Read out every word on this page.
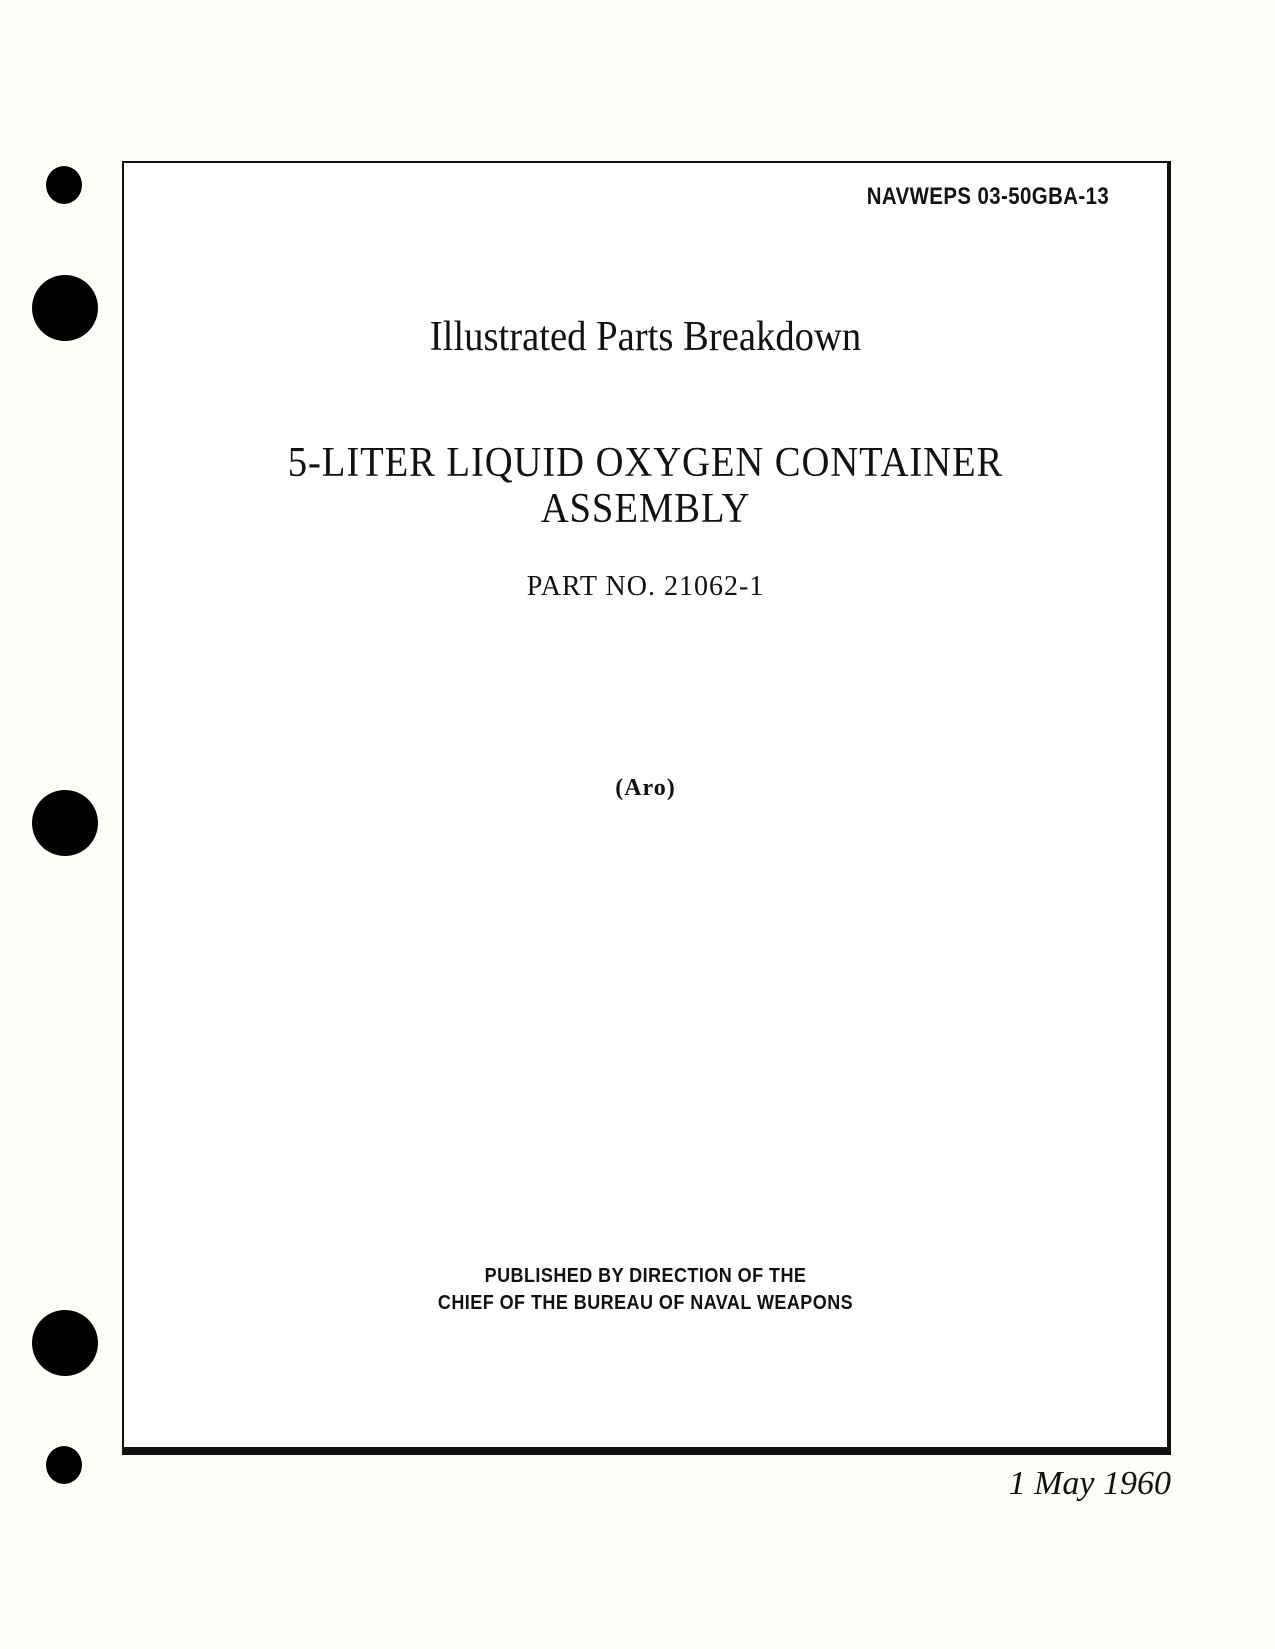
NAVWEPS 03-50GBA-13
Illustrated Parts Breakdown
5-LITER LIQUID OXYGEN CONTAINER
ASSEMBLY
PART NO. 21062-1
(Aro)
PUBLISHED BY DIRECTION OF THE
CHIEF OF THE BUREAU OF NAVAL WEAPONS
1 May 1960
